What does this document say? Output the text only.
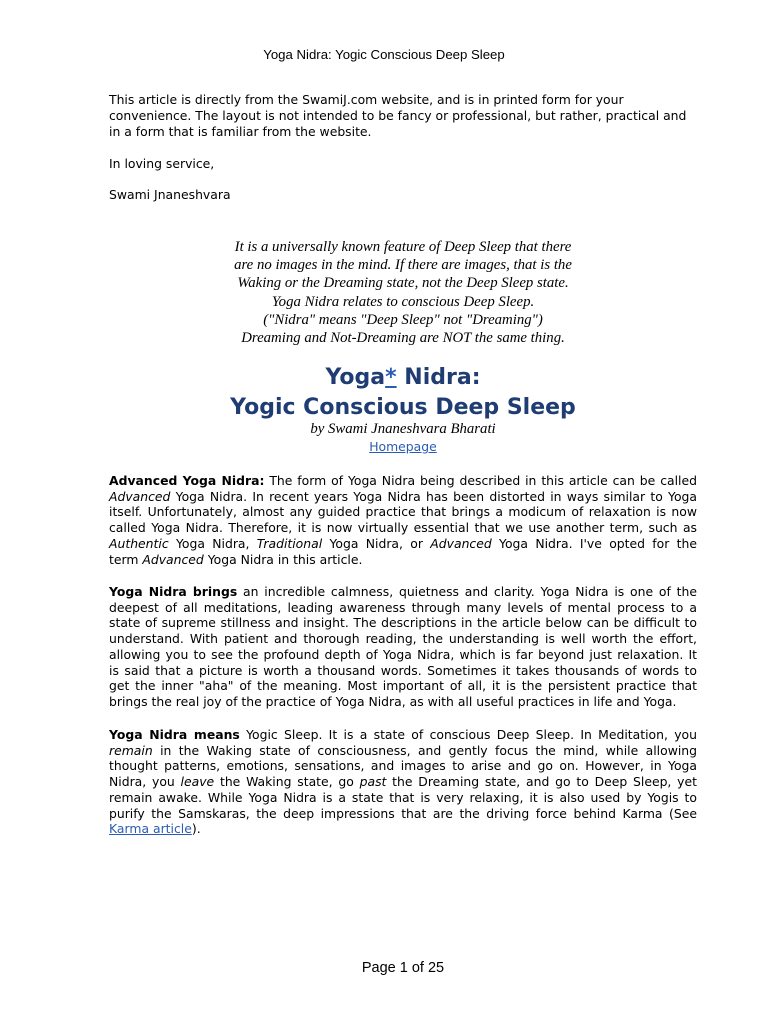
Yoga Nidra: Yogic Conscious Deep Sleep
This article is directly from the SwamiJ.com website, and is in printed form for your
convenience. The layout is not intended to be fancy or professional, but rather, practical and
in a form that is familiar from the website.
In loving service,
Swami Jnaneshvara
It is a universally known feature of Deep Sleep that there
are no images in the mind. If there are images, that is the
Waking or the Dreaming state, not the Deep Sleep state.
Yoga Nidra relates to conscious Deep Sleep.
("Nidra" means "Deep Sleep" not "Dreaming")
Dreaming and Not-Dreaming are NOT the same thing.
Yoga* Nidra:
Yogic Conscious Deep Sleep
by Swami Jnaneshvara Bharati
Homepage
Advanced Yoga Nidra: The form of Yoga Nidra being described in this article can be called
Advanced Yoga Nidra. In recent years Yoga Nidra has been distorted in ways similar to Yoga
itself. Unfortunately, almost any guided practice that brings a modicum of relaxation is now
called Yoga Nidra. Therefore, it is now virtually essential that we use another term, such as
Authentic Yoga Nidra, Traditional Yoga Nidra, or Advanced Yoga Nidra. I've opted for the
term Advanced Yoga Nidra in this article.
Yoga Nidra brings an incredible calmness, quietness and clarity. Yoga Nidra is one of the
deepest of all meditations, leading awareness through many levels of mental process to a
state of supreme stillness and insight. The descriptions in the article below can be difficult to
understand. With patient and thorough reading, the understanding is well worth the effort,
allowing you to see the profound depth of Yoga Nidra, which is far beyond just relaxation. It
is said that a picture is worth a thousand words. Sometimes it takes thousands of words to
get the inner "aha" of the meaning. Most important of all, it is the persistent practice that
brings the real joy of the practice of Yoga Nidra, as with all useful practices in life and Yoga.
Yoga Nidra means Yogic Sleep. It is a state of conscious Deep Sleep. In Meditation, you
remain in the Waking state of consciousness, and gently focus the mind, while allowing
thought patterns, emotions, sensations, and images to arise and go on. However, in Yoga
Nidra, you leave the Waking state, go past the Dreaming state, and go to Deep Sleep, yet
remain awake. While Yoga Nidra is a state that is very relaxing, it is also used by Yogis to
purify the Samskaras, the deep impressions that are the driving force behind Karma (See
Karma article).
Page 1 of 25
